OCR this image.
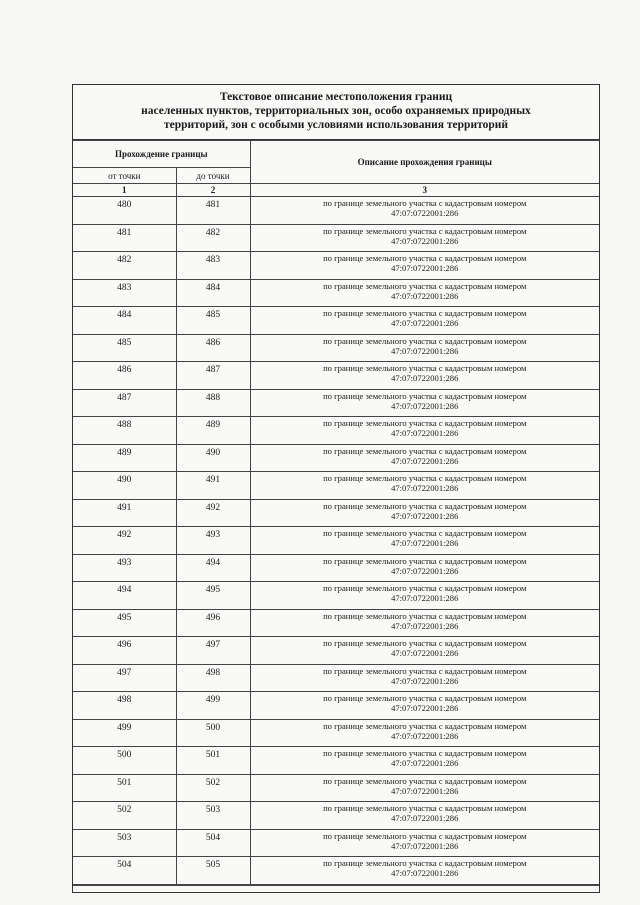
Текстовое описание местоположения границ
населенных пунктов, территориальных зон, особо охраняемых природных
территорий, зон с особыми условиями использования территорий
Прохождение границы		Описание прохождения границы
от точки	до точки	
1	2	3
480	481	по границе земельного участка с кадастровым номером
47:07:0722001:286

481	482	по границе земельного участка с кадастровым номером
47:07:0722001:286

482	483	по границе земельного участка с кадастровым номером
47:07:0722001:286

483	484	по границе земельного участка с кадастровым номером
47:07:0722001:286

484	485	по границе земельного участка с кадастровым номером
47:07:0722001:286

485	486	по границе земельного участка с кадастровым номером
47:07:0722001:286

486	487	по границе земельного участка с кадастровым номером
47:07:0722001:286

487	488	по границе земельного участка с кадастровым номером
47:07:0722001:286

488	489	по границе земельного участка с кадастровым номером
47:07:0722001:286

489	490	по границе земельного участка с кадастровым номером
47:07:0722001:286

490	491	по границе земельного участка с кадастровым номером
47:07:0722001:286

491	492	по границе земельного участка с кадастровым номером
47:07:0722001:286

492	493	по границе земельного участка с кадастровым номером
47:07:0722001:286

493	494	по границе земельного участка с кадастровым номером
47:07:0722001:286

494	495	по границе земельного участка с кадастровым номером
47:07:0722001:286

495	496	по границе земельного участка с кадастровым номером
47:07:0722001:286

496	497	по границе земельного участка с кадастровым номером
47:07:0722001:286

497	498	по границе земельного участка с кадастровым номером
47:07:0722001:286

498	499	по границе земельного участка с кадастровым номером
47:07:0722001:286

499	500	по границе земельного участка с кадастровым номером
47:07:0722001:286

500	501	по границе земельного участка с кадастровым номером
47:07:0722001:286

501	502	по границе земельного участка с кадастровым номером
47:07:0722001:286

502	503	по границе земельного участка с кадастровым номером
47:07:0722001:286

503	504	по границе земельного участка с кадастровым номером
47:07:0722001:286

504	505	по границе земельного участка с кадастровым номером
47:07:0722001:286
